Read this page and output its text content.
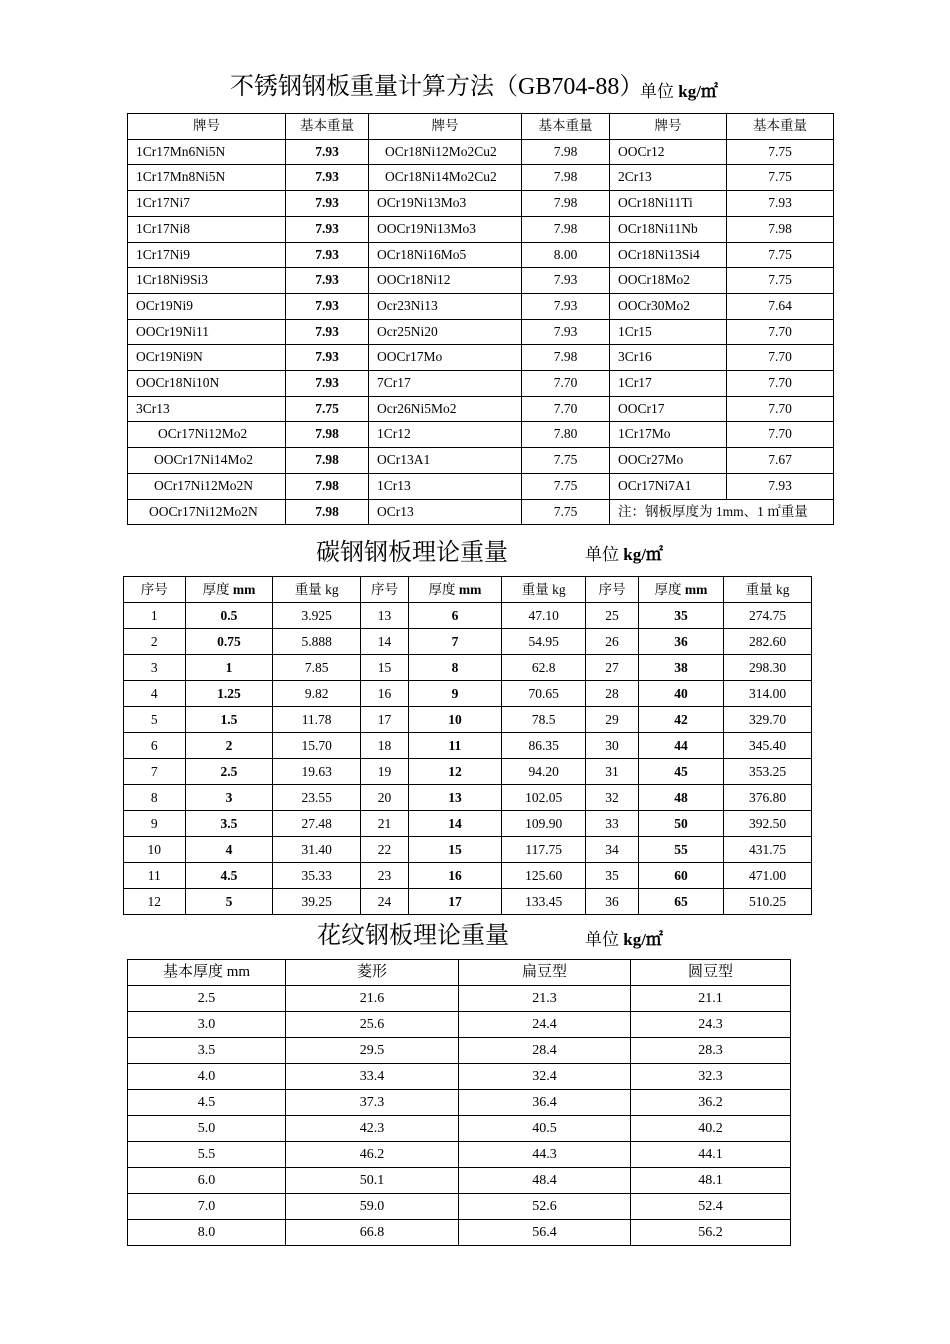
不锈钢钢板重量计算方法（GB704-88）
单位 kg/㎡
牌号	基本重量	牌号	基本重量	牌号	基本重量
1Cr17Mn6Ni5N	7.93	OCr18Ni12Mo2Cu2	7.98	OOCr12	7.75
1Cr17Mn8Ni5N	7.93	OCr18Ni14Mo2Cu2	7.98	2Cr13	7.75
1Cr17Ni7	7.93	OCr19Ni13Mo3	7.98	OCr18Ni11Ti	7.93
1Cr17Ni8	7.93	OOCr19Ni13Mo3	7.98	OCr18Ni11Nb	7.98
1Cr17Ni9	7.93	OCr18Ni16Mo5	8.00	OCr18Ni13Si4	7.75
1Cr18Ni9Si3	7.93	OOCr18Ni12	7.93	OOCr18Mo2	7.75
OCr19Ni9	7.93	Ocr23Ni13	7.93	OOCr30Mo2	7.64
OOCr19Ni11	7.93	Ocr25Ni20	7.93	1Cr15	7.70
OCr19Ni9N	7.93	OOCr17Mo	7.98	3Cr16	7.70
OOCr18Ni10N	7.93	7Cr17	7.70	1Cr17	7.70
3Cr13	7.75	Ocr26Ni5Mo2	7.70	OOCr17	7.70
OCr17Ni12Mo2	7.98	1Cr12	7.80	1Cr17Mo	7.70
OOCr17Ni14Mo2	7.98	OCr13A1	7.75	OOCr27Mo	7.67
OCr17Ni12Mo2N	7.98	1Cr13	7.75	OCr17Ni7A1	7.93
OOCr17Ni12Mo2N	7.98	OCr13	7.75	注：钢板厚度为 1mm、1 ㎡重量	
碳钢钢板理论重量	单位 kg/㎡
序号	厚度 mm	重量 kg	序号	厚度 mm	重量 kg	序号	厚度 mm	重量 kg
1	0.5	3.925	13	6	47.10	25	35	274.75
2	0.75	5.888	14	7	54.95	26	36	282.60
3	1	7.85	15	8	62.8	27	38	298.30
4	1.25	9.82	16	9	70.65	28	40	314.00
5	1.5	11.78	17	10	78.5	29	42	329.70
6	2	15.70	18	11	86.35	30	44	345.40
7	2.5	19.63	19	12	94.20	31	45	353.25
8	3	23.55	20	13	102.05	32	48	376.80
9	3.5	27.48	21	14	109.90	33	50	392.50
10	4	31.40	22	15	117.75	34	55	431.75
11	4.5	35.33	23	16	125.60	35	60	471.00
12	5	39.25	24	17	133.45	36	65	510.25
花纹钢板理论重量	单位 kg/㎡
基本厚度 mm	菱形	扁豆型	圆豆型
2.5	21.6	21.3	21.1
3.0	25.6	24.4	24.3
3.5	29.5	28.4	28.3
4.0	33.4	32.4	32.3
4.5	37.3	36.4	36.2
5.0	42.3	40.5	40.2
5.5	46.2	44.3	44.1
6.0	50.1	48.4	48.1
7.0	59.0	52.6	52.4
8.0	66.8	56.4	56.2
